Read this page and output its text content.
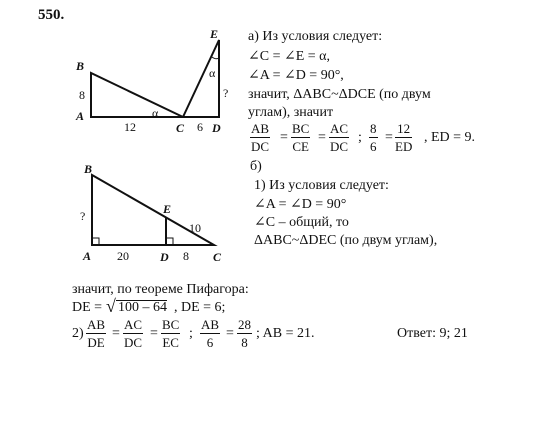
550.
E
B
A
C D
8
12	6
?
α
α
B
E
A	D	C
?
20	8
10
а) Из условия следует:
∠C = ∠E = α,
∠A = ∠D = 90°,
значит, ΔABC~ΔDCE (по двум
углам), значит
$\frac{AB}{DC} = \frac{BC}{CE} = \frac{AC}{DC}$ ; $\frac{8}{6} = \frac{12}{ED}$ , ED = 9.
б)
1) Из условия следует:
∠A = ∠D = 90°
∠C – общий, то
ΔABC~ΔDEC (по двум углам),
значит, по теореме Пифагора:
DE = √ 100 – 64 , DE = 6;
$2) \frac{AB}{DE} = \frac{AC}{DC} = \frac{BC}{EC}$ ; $\frac{AB}{6} = \frac{28}{8}$ ; AB = 21.	Ответ: 9; 21
